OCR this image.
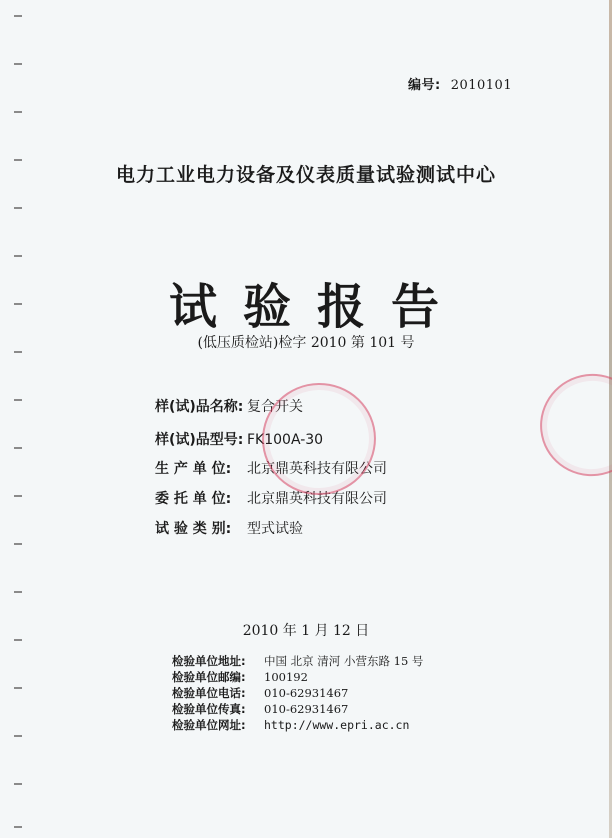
编号: 2010101
电力工业电力设备及仪表质量试验测试中心
试验报告
(低压质检站)检字 2010 第 101 号
样(试)品名称: 复合开关
样(试)品型号: FK100A-30
生 产 单 位: 北京鼎英科技有限公司
委 托 单 位: 北京鼎英科技有限公司
试 验 类 别: 型式试验
2010 年 1 月 12 日
检验单位地址: 中国 北京 清河 小营东路 15 号
检验单位邮编: 100192
检验单位电话: 010-62931467
检验单位传真: 010-62931467
检验单位网址: http://www.epri.ac.cn
